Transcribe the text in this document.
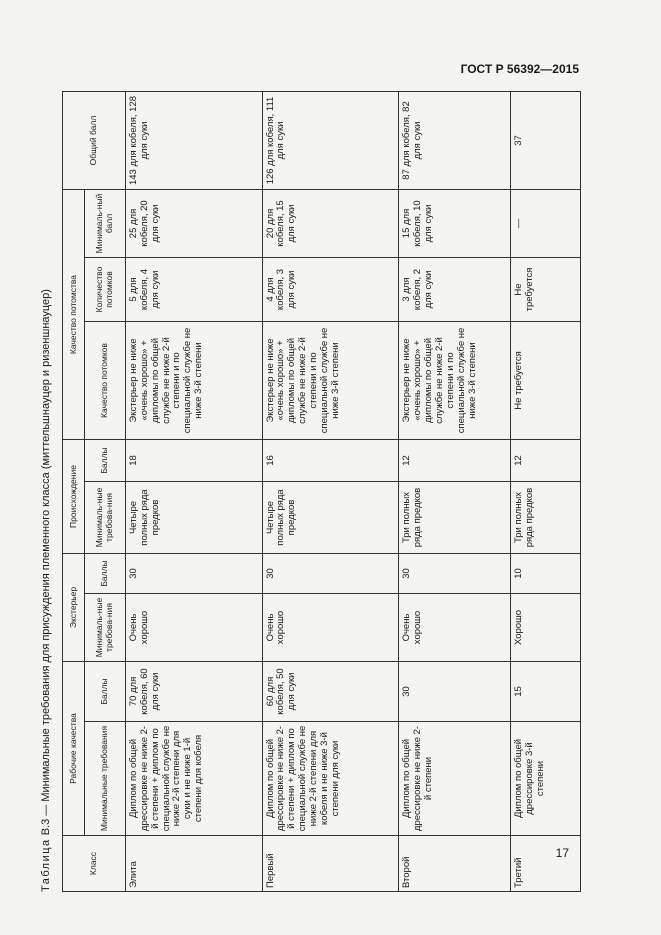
ГОСТ Р 56392—2015
Таблица В.3 — Минимальные требования для присуждения племенного класса (миттельшнауцер и ризеншнауцер)
Класс	Рабочие качества		Экстерьер		Происхождение		Качество потомства			Общий балл
	Минимальные требования	Баллы	Минималь-ные требова-ния	Баллы	Минималь-ные требова-ния	Баллы	Качество потомков	Количество потомков	Минималь-ный балл	
Элита	Диплом по общей дрессировке не ниже 2-й степени + диплом по специальной службе не ниже 2-й степени для суки и не ниже 1-й степени для кобеля	70 для кобеля, 60 для суки	Очень хорошо	30	Четыре полных ряда предков	18	Экстерьер не ниже «очень хорошо» + дипломы по общей службе не ниже 2-й степени и по специальной службе не ниже 3-й степени	5 для кобеля, 4 для суки	25 для кобеля, 20 для суки	143 для кобеля, 128 для суки
Первый	Диплом по общей дрессировке не ниже 2-й степени + диплом по специальной службе не ниже 2-й степени для кобеля и не ниже 3-й степени для суки	60 для кобеля, 50 для суки	Очень хорошо	30	Четыре полных ряда предков	16	Экстерьер не ниже «очень хорошо» + дипломы по общей службе не ниже 2-й степени и по специальной службе не ниже 3-й степени	4 для кобеля, 3 для суки	20 для кобеля, 15 для суки	126 для кобеля, 111 для суки
Второй	Диплом по общей дрессировке не ниже 2-й степени	30	Очень хорошо	30	Три полных ряда предков	12	Экстерьер не ниже «очень хорошо» + дипломы по общей службе не ниже 2-й степени и по специальной службе не ниже 3-й степени	3 для кобеля, 2 для суки	15 для кобеля, 10 для суки	87 для кобеля, 82 для суки
Третий	Диплом по общей дрессировке 3-й степени	15	Хорошо	10	Три полных ряда предков	12	Не требуется	Не требуется	—	37
17
